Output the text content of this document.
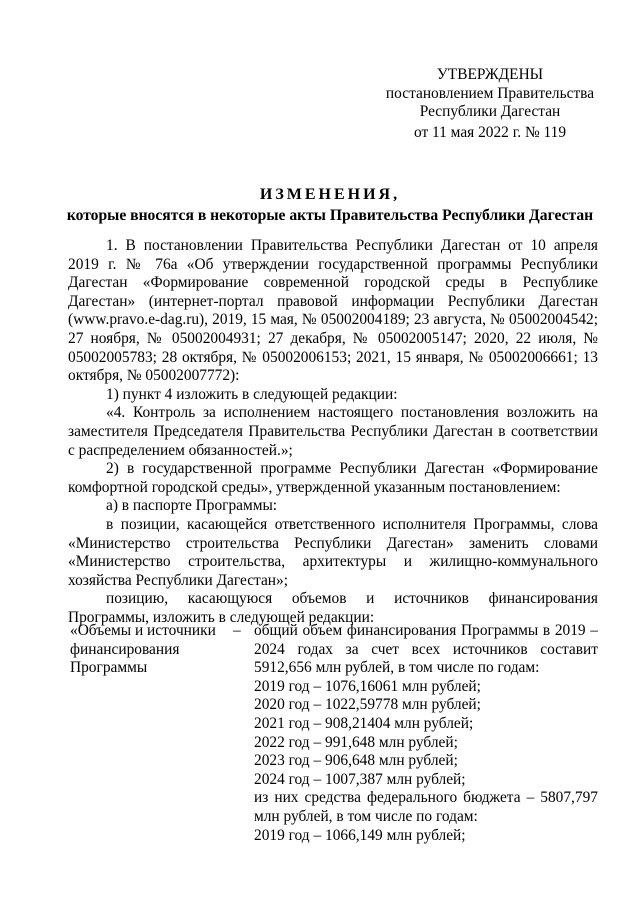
УТВЕРЖДЕНЫ
постановлением Правительства
Республики Дагестан
от 11 мая 2022 г. № 119
ИЗМЕНЕНИЯ,
которые вносятся в некоторые акты Правительства Республики Дагестан

1. В постановлении Правительства Республики Дагестан от 10 апреля 2019 г. № 76а «Об утверждении государственной программы Республики Дагестан «Формирование современной городской среды в Республике Дагестан» (интернет-портал правовой информации Республики Дагестан (www.pravo.e-dag.ru), 2019, 15 мая, № 05002004189; 23 августа, № 05002004542; 27 ноября, № 05002004931; 27 декабря, № 05002005147; 2020, 22 июля, № 05002005783; 28 октября, № 05002006153; 2021, 15 января, № 05002006661; 13 октября, № 05002007772):

1) пункт 4 изложить в следующей редакции:

«4. Контроль за исполнением настоящего постановления возложить на заместителя Председателя Правительства Республики Дагестан в соответствии с распределением обязанностей.»;

2) в государственной программе Республики Дагестан «Формирование комфортной городской среды», утвержденной указанным постановлением:

а) в паспорте Программы:

в позиции, касающейся ответственного исполнителя Программы, слова «Министерство строительства Республики Дагестан» заменить словами «Министерство строительства, архитектуры и жилищно-коммунального хозяйства Республики Дагестан»;

позицию, касающуюся объемов и источников финансирования Программы, изложить в следующей редакции:

«Объемы и источники
финансирования
Программы
– общий объем финансирования Программы в 2019 – 2024 годах за счет всех источников составит 5912,656 млн рублей, в том числе по годам:

2019 год – 1076,16061 млн рублей;
2020 год – 1022,59778 млн рублей;
2021 год – 908,21404 млн рублей;
2022 год – 991,648 млн рублей;
2023 год – 906,648 млн рублей;
2024 год – 1007,387 млн рублей;

из них средства федерального бюджета – 5807,797 млн рублей, в том числе по годам:

2019 год – 1066,149 млн рублей;
